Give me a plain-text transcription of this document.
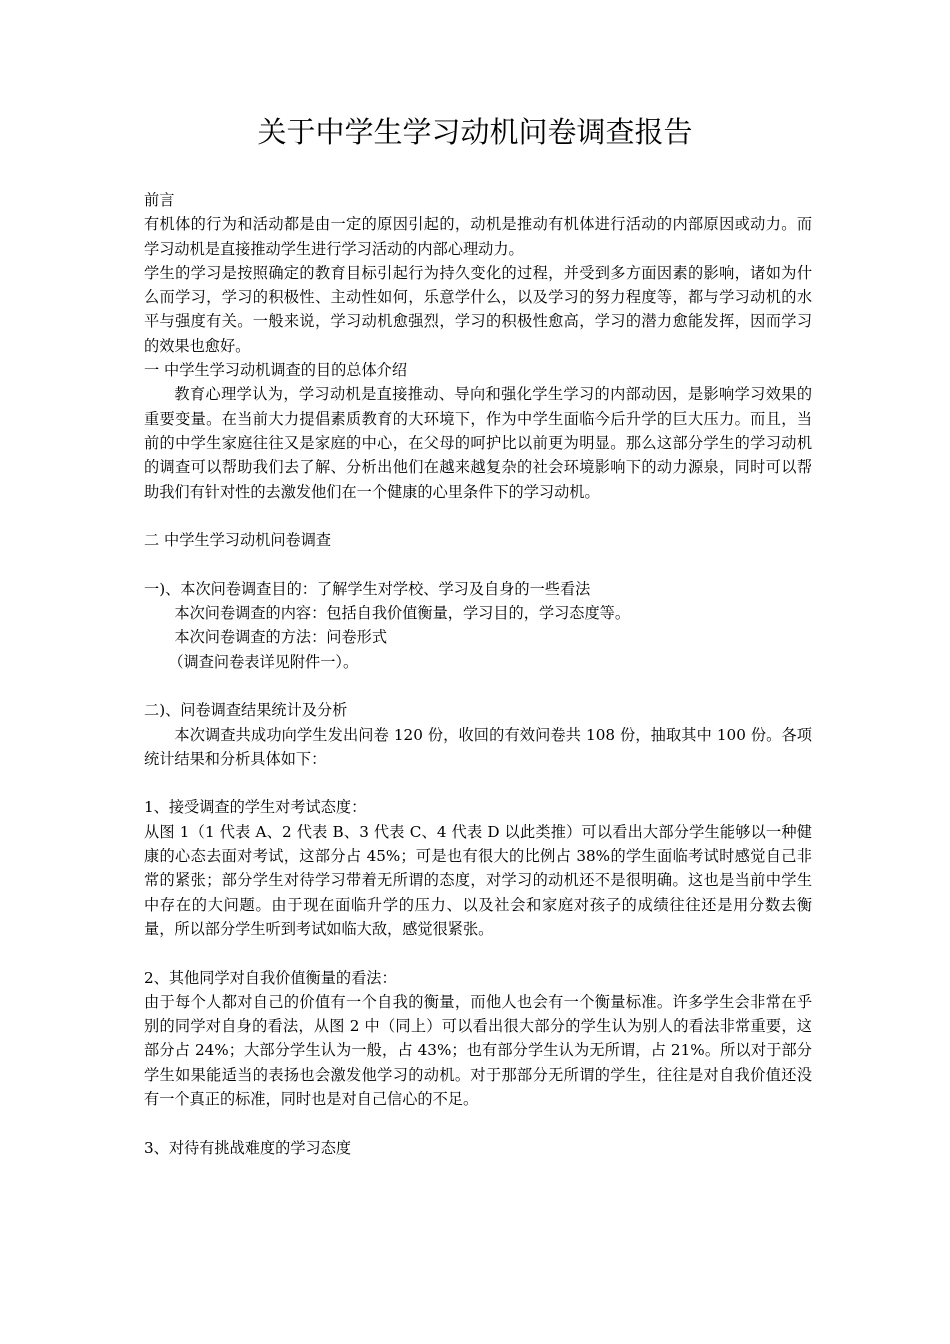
关于中学生学习动机问卷调查报告

前言

有机体的行为和活动都是由一定的原因引起的，动机是推动有机体进行活动的内部原因或动力。而学习动机是直接推动学生进行学习活动的内部心理动力。

学生的学习是按照确定的教育目标引起行为持久变化的过程，并受到多方面因素的影响，诸如为什么而学习，学习的积极性、主动性如何，乐意学什么，以及学习的努力程度等，都与学习动机的水平与强度有关。一般来说，学习动机愈强烈，学习的积极性愈高，学习的潜力愈能发挥，因而学习的效果也愈好。

一 中学生学习动机调查的目的总体介绍

教育心理学认为，学习动机是直接推动、导向和强化学生学习的内部动因，是影响学习效果的重要变量。在当前大力提倡素质教育的大环境下，作为中学生面临今后升学的巨大压力。而且，当前的中学生家庭往往又是家庭的中心，在父母的呵护比以前更为明显。那么这部分学生的学习动机的调查可以帮助我们去了解、分析出他们在越来越复杂的社会环境影响下的动力源泉，同时可以帮助我们有针对性的去激发他们在一个健康的心里条件下的学习动机。

二 中学生学习动机问卷调查

一)、本次问卷调查目的：了解学生对学校、学习及自身的一些看法

本次问卷调查的内容：包括自我价值衡量，学习目的，学习态度等。

本次问卷调查的方法：问卷形式

（调查问卷表详见附件一）。

二)、问卷调查结果统计及分析

本次调查共成功向学生发出问卷 120 份，收回的有效问卷共 108 份，抽取其中 100 份。各项统计结果和分析具体如下：

1、接受调查的学生对考试态度：

从图 1（1 代表 A、2 代表 B、3 代表 C、4 代表 D 以此类推）可以看出大部分学生能够以一种健康的心态去面对考试，这部分占 45%；可是也有很大的比例占 38%的学生面临考试时感觉自己非常的紧张；部分学生对待学习带着无所谓的态度，对学习的动机还不是很明确。这也是当前中学生中存在的大问题。由于现在面临升学的压力、以及社会和家庭对孩子的成绩往往还是用分数去衡量，所以部分学生听到考试如临大敌，感觉很紧张。

2、其他同学对自我价值衡量的看法：

由于每个人都对自己的价值有一个自我的衡量，而他人也会有一个衡量标准。许多学生会非常在乎别的同学对自身的看法，从图 2 中（同上）可以看出很大部分的学生认为别人的看法非常重要，这部分占 24%；大部分学生认为一般，占 43%；也有部分学生认为无所谓，占 21%。所以对于部分学生如果能适当的表扬也会激发他学习的动机。对于那部分无所谓的学生，往往是对自我价值还没有一个真正的标准，同时也是对自己信心的不足。

3、对待有挑战难度的学习态度
